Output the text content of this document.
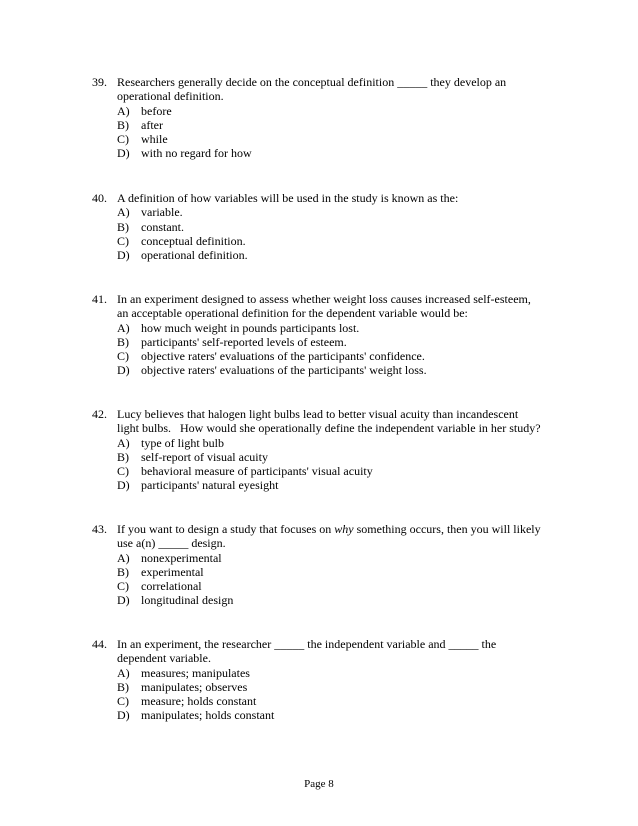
39. Researchers generally decide on the conceptual definition _____ they develop an
operational definition.
A) before
B) after
C) while
D) with no regard for how
40. A definition of how variables will be used in the study is known as the:
A) variable.
B) constant.
C) conceptual definition.
D) operational definition.
41. In an experiment designed to assess whether weight loss causes increased self-esteem,
an acceptable operational definition for the dependent variable would be:
A) how much weight in pounds participants lost.
B) participants' self-reported levels of esteem.
C) objective raters' evaluations of the participants' confidence.
D) objective raters' evaluations of the participants' weight loss.
42. Lucy believes that halogen light bulbs lead to better visual acuity than incandescent
light bulbs.   How would she operationally define the independent variable in her study?
A) type of light bulb
B) self-report of visual acuity
C) behavioral measure of participants' visual acuity
D) participants' natural eyesight
43. If you want to design a study that focuses on why something occurs, then you will likely
use a(n) _____ design.
A) nonexperimental
B) experimental
C) correlational
D) longitudinal design
44. In an experiment, the researcher _____ the independent variable and _____ the
dependent variable.
A) measures; manipulates
B) manipulates; observes
C) measure; holds constant
D) manipulates; holds constant
Page 8
